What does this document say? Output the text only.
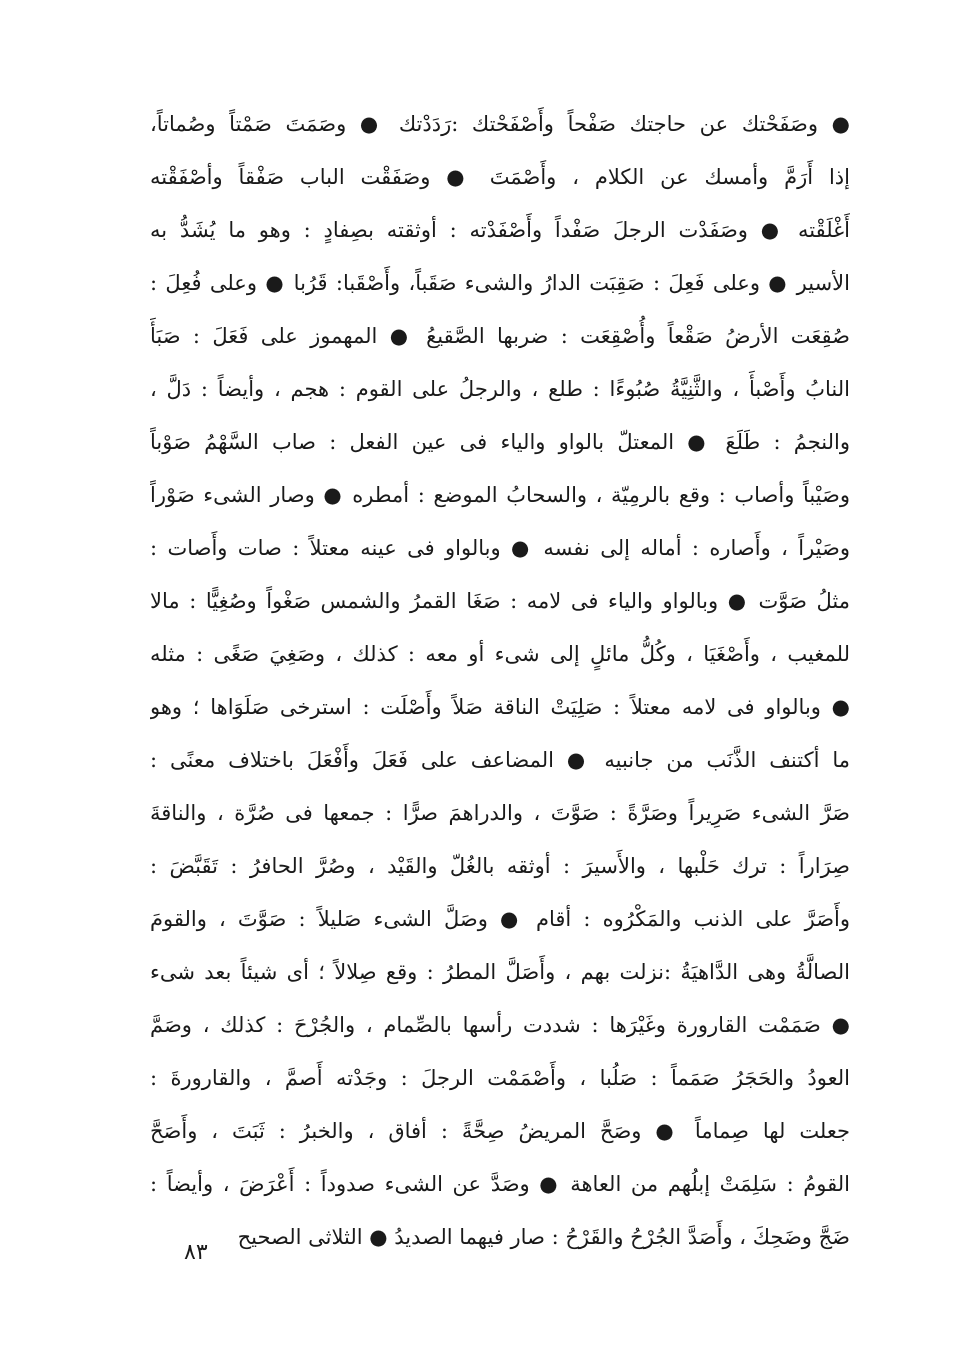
● وصَفَحْتك عن حاجتك صَفْحاً وأَصْفَحْتك :رَدَدْتك ● وصَمَتَ صَمْتاً وصُماتاً،
إذا أَرَمَّ وأمسك عن الكلام ، وأَصْمَتَ ● وصَفَقْت الباب صَفْقاً وأصْفَقْته
أَغْلَقْته ● وصَفَدْت الرجلَ صَفْداً وأَصْفَدْته : أوثقته بصِفادٍ : وهو ما يُشَدُّ به
الأسير ● وعلى فَعِلَ : صَقِبَت الدارُ والشىء صَقَباً، وأَصْقَبا: قَرُبا ● وعلى فُعِلَ :
صُقِعَت الأرضُ صَقْعاً وأُصْقِعَت : ضربها الصَّقيعُ ● المهموز على فَعَلَ : صَبَأَ
النابُ وأَصْبأَ ، والثَّنِيَّةُ صُبُوءًا : طلع ، والرجلُ على القوم : هجم ، وأيضاً : دَلَّ ،
والنجمُ : طَلَعَ ● المعتلّ بالواو والياء فى عين الفعل : صاب السَّهْمُ صَوْباً
وصَيْباً وأصاب : وقع بالرمِيّة ، والسحابُ الموضع : أمطره ● وصار الشىء صَوْراً
وصَيْراً ، وأَصاره : أماله إلى نفسه ● وبالواو فى عينه معتلاً : صات وأَصات :
مثلُ صَوَّت ● وبالواو والياء فى لامه : صَغَا القمرُ والشمس صَغْواً وصُغِيًّا : مالا
للمغيب ، وأَصْغَيَا ، وكُلُّ مائلٍ إلى شىء أو معه : كذلك ، وصَغِيَ صَغًى : مثله
● وبالواو فى لامه معتلاً : صَلِيَتْ الناقة صَلاً وأَصْلَت : استرخى صَلَوَاها ؛ وهو
ما أكتنف الذَّنَب من جانبيه ● المضاعف على فَعَلَ وأَفْعَلَ باختلاف معنًى :
صَرَّ الشىء صَرِيراً وصَرَّةً : صَوَّتَ ، والدراهمَ صرًّا : جمعها فى صُرَّة ، والناقةَ
صِرَاراً : ترك حَلْبها ، والأَسيرَ : أوثقه بالغُلّ والقَيْد ، وصُرَّ الحافرُ : تَقَبَّضَ :
وأَصَرَّ على الذنب والمَكْرُوه : أقام ● وصَلَّ الشىء صَليلاً : صَوَّتَ ، والقومَ
الصالَّةُ وهى الدَّاهيَةُ :نزلت بهم ، وأَصَلَّ المطرُ : وقع صِلالاً ؛ أى شيئاً بعد شىء
● صَمَمْت القارورة وغَيْرَها : شددت رأسها بالصِّمام ، والجُرْحَ : كذلك ، وصَمَّ
العودُ والحَجَرُ صَمَماً : صَلُبا ، وأَصْمَمْت الرجلَ : وجَدْته أَصمَّ ، والقارورةَ :
جعلت لها صِماماً ● وصَحَّ المريضُ صِحَّةً : أفاق ، والخبرُ : ثَبَتَ ، وأَصَحَّ
القومُ : سَلِمَتْ إبلُهم من العاهة ● وصَدَّ عن الشىء صدوداً : أَعْرَضَ ، وأيضاً :
ضَجَّ وضَحِكَ ، وأَصَدَّ الجُرْحُ والقَرْحُ : صار فيهما الصديدُ ● الثلاثى الصحيح
٨٣
